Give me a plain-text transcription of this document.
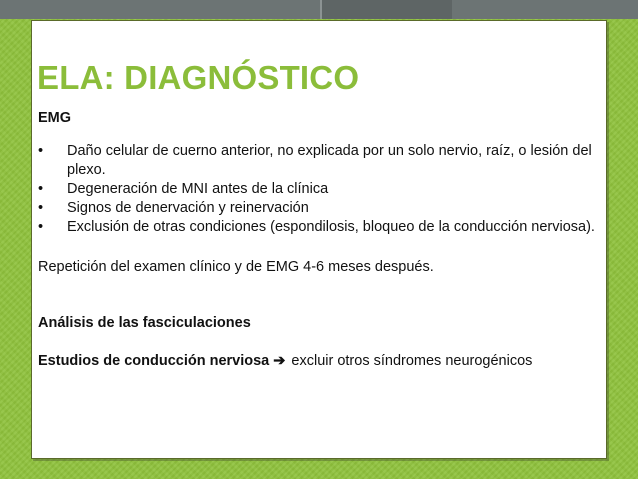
ELA: DIAGNÓSTICO

EMG

•	Daño celular de cuerno anterior, no explicada por un solo nervio, raíz, o lesión del plexo.
•	Degeneración de MNI antes de la clínica
•	Signos de denervación y reinervación
•	Exclusión de otras condiciones (espondilosis, bloqueo de la conducción nerviosa).

Repetición del examen clínico y de EMG 4-6 meses después.

Análisis de las fasciculaciones

Estudios de conducción nerviosa ➔ excluir otros síndromes neurogénicos
